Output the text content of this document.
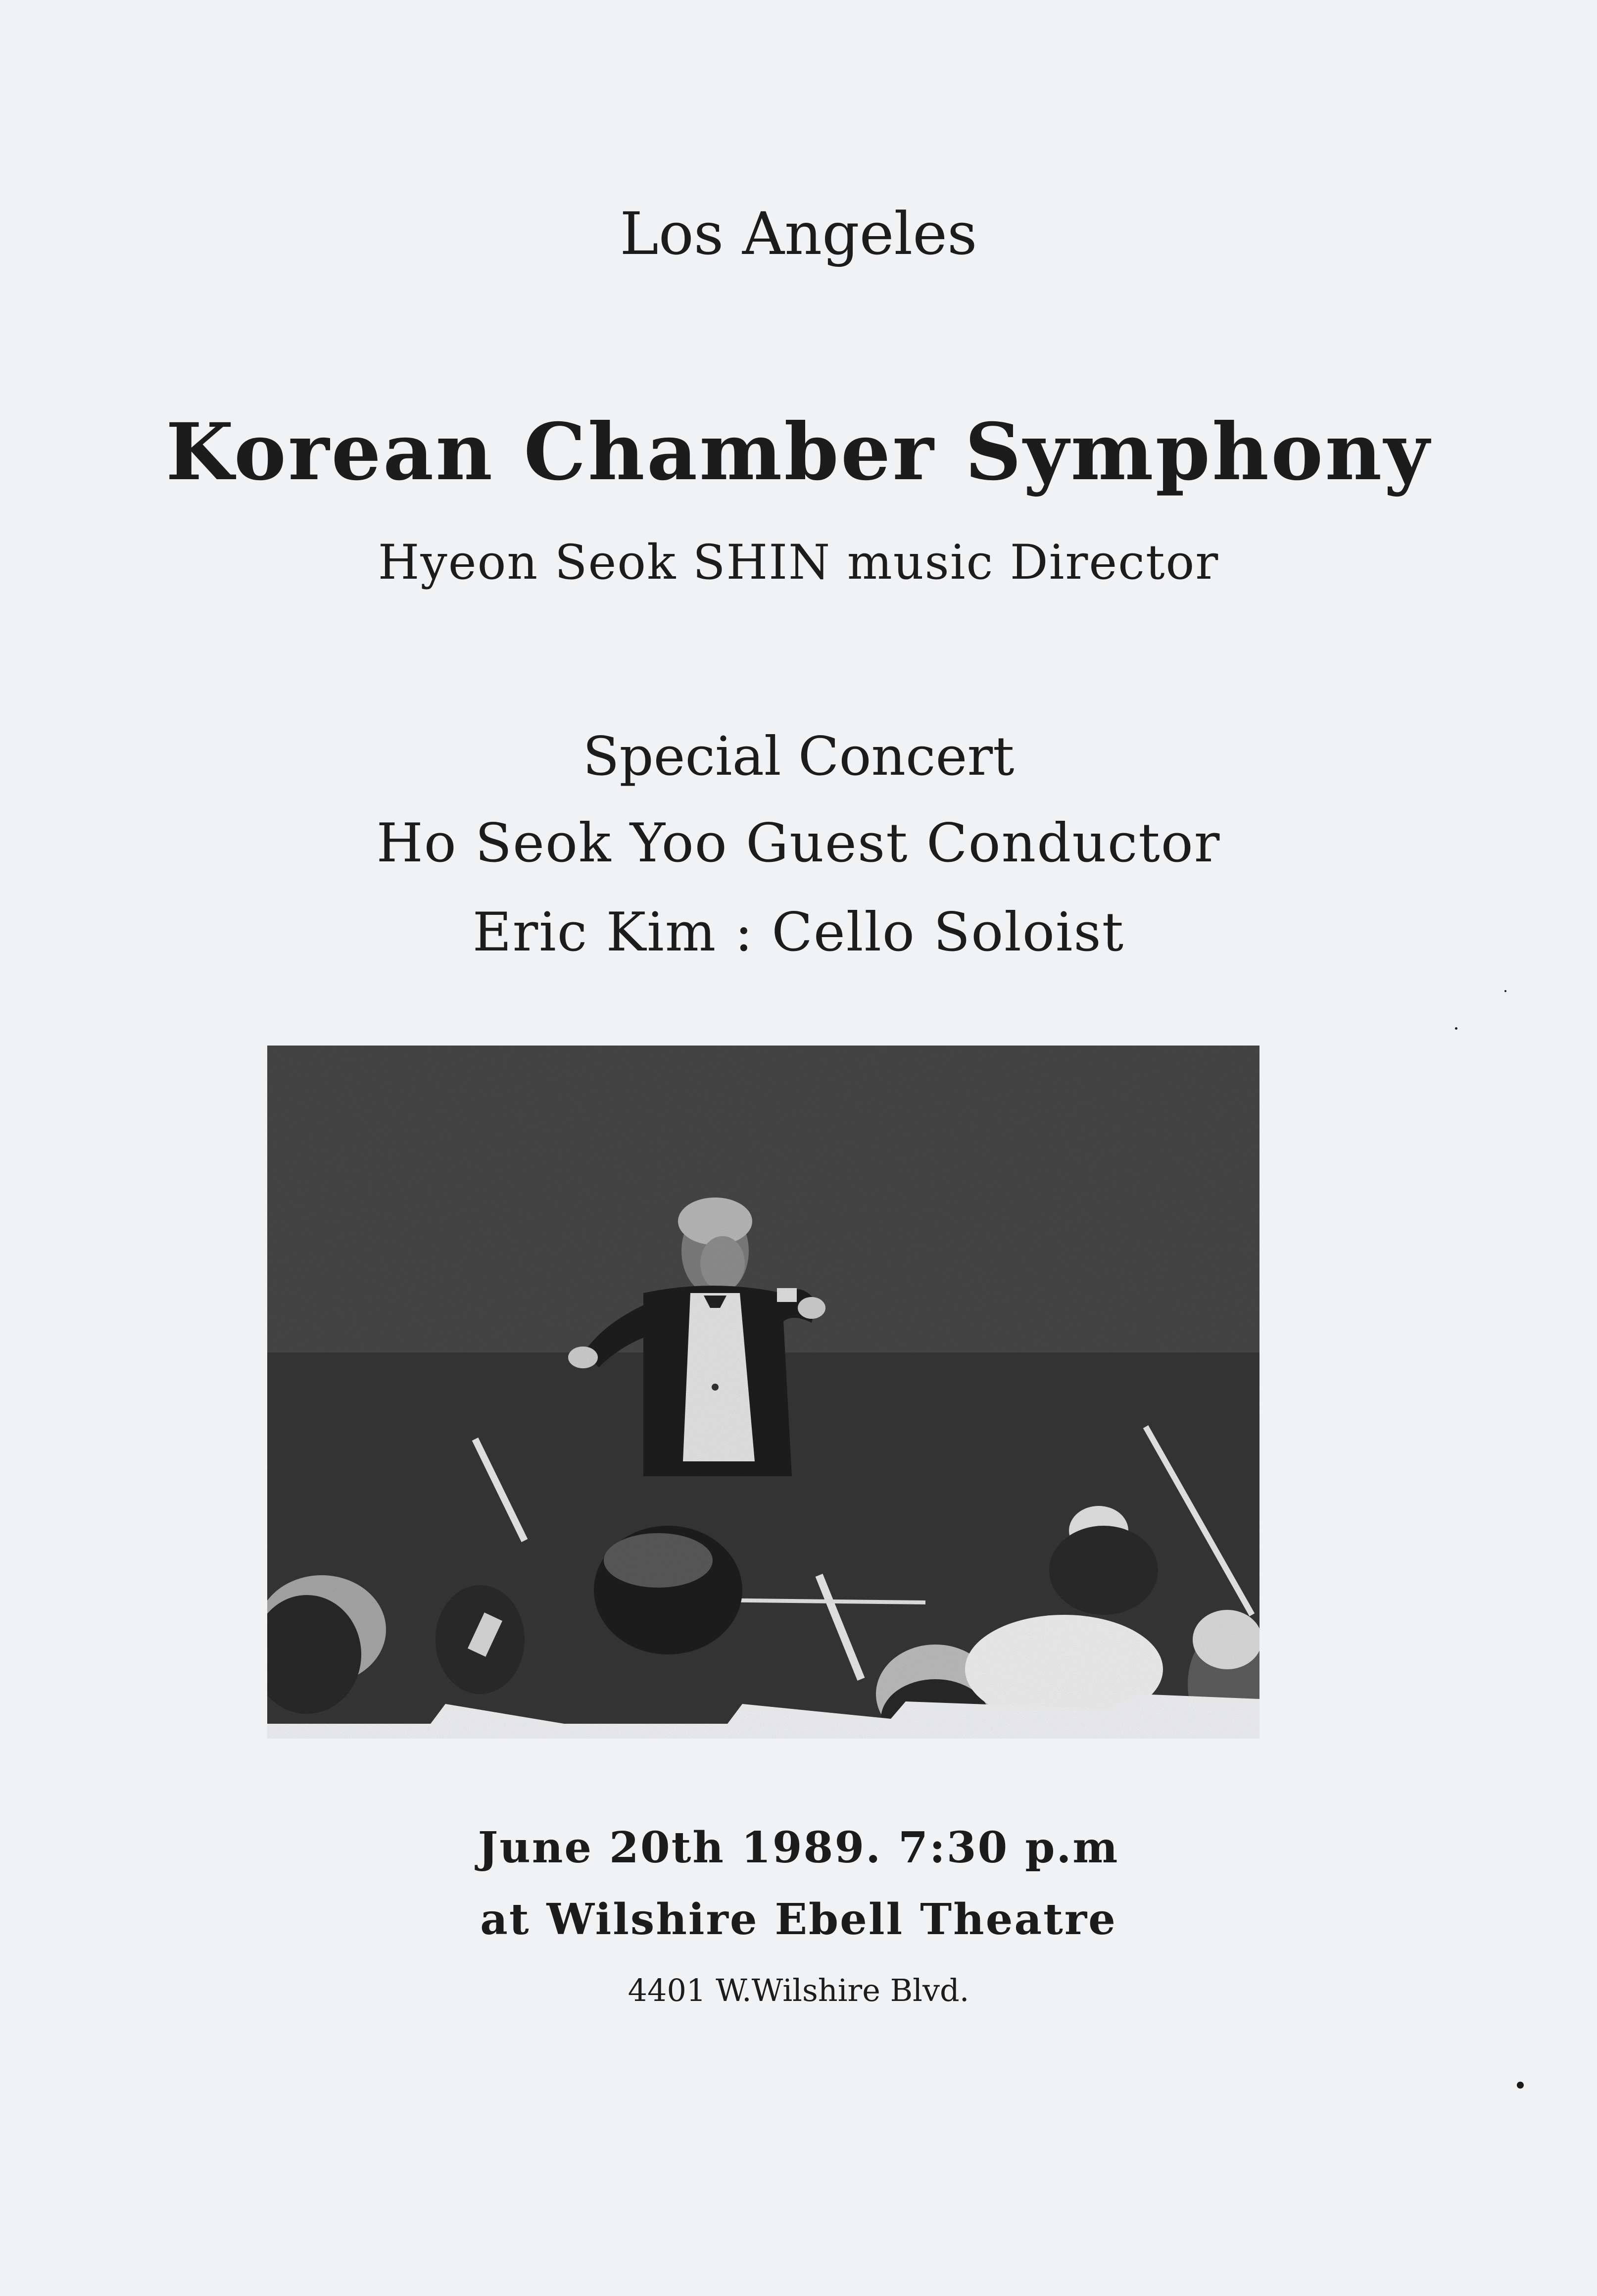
Los Angeles
Korean Chamber Symphony
Hyeon Seok SHIN music Director
Special Concert
Ho Seok Yoo Guest Conductor
Eric Kim : Cello Soloist
June 20th 1989. 7:30 p.m
at Wilshire Ebell Theatre
4401 W.Wilshire Blvd.
